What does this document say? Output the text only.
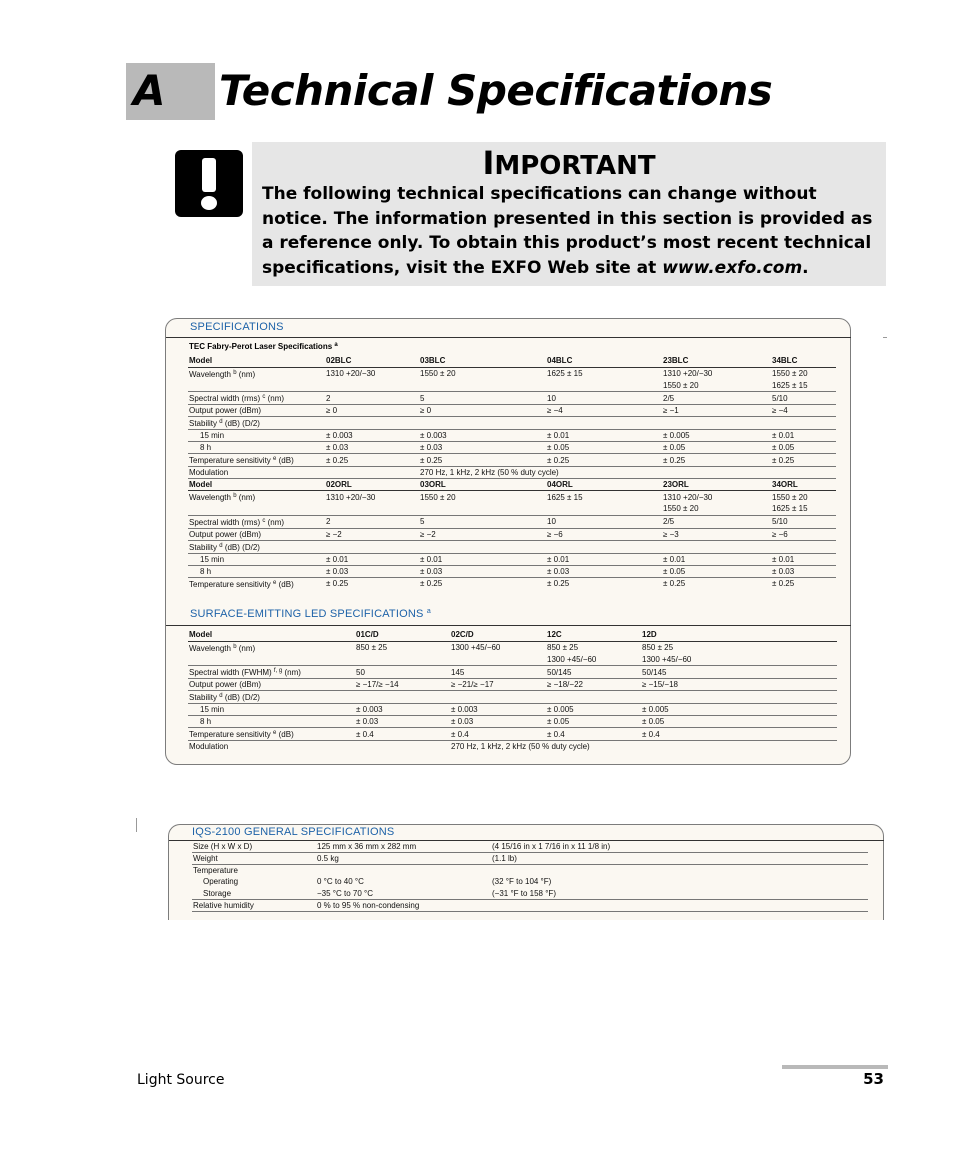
A Technical Specifications
IMPORTANT
The following technical specifications can change without notice. The information presented in this section is provided as a reference only. To obtain this product’s most recent technical specifications, visit the EXFO Web site at www.exfo.com.
SPECIFICATIONS
TEC Fabry-Perot Laser Specifications $^a$
Model	02BLC	03BLC	04BLC	23BLC	34BLC
Wavelength $^b$ (nm)	1310 +20/−30	1550 ± 20	1625 ± 15	1310 +20/−30	1550 ± 20
				1550 ± 20	1625 ± 15
Spectral width (rms) $^c$ (nm)	2	5	10	2/5	5/10
Output power (dBm)	≥ 0	≥ 0	≥ −4	≥ −1	≥ −4
Stability $^d$ (dB) (D/2)					
15 min	± 0.003	± 0.003	± 0.01	± 0.005	± 0.01
8 h	± 0.03	± 0.03	± 0.05	± 0.05	± 0.05
Temperature sensitivity $^e$ (dB)	± 0.25	± 0.25	± 0.25	± 0.25	± 0.25
Modulation		270 Hz, 1 kHz, 2 kHz (50 % duty cycle)			
Model	02ORL	03ORL	04ORL	23ORL	34ORL
Wavelength $^b$ (nm)	1310 +20/−30	1550 ± 20	1625 ± 15	1310 +20/−30	1550 ± 20
				1550 ± 20	1625 ± 15
Spectral width (rms) $^c$ (nm)	2	5	10	2/5	5/10
Output power (dBm)	≥ −2	≥ −2	≥ −6	≥ −3	≥ −6
Stability $^d$ (dB) (D/2)					
15 min	± 0.01	± 0.01	± 0.01	± 0.01	± 0.01
8 h	± 0.03	± 0.03	± 0.03	± 0.05	± 0.03
Temperature sensitivity $^e$ (dB)	± 0.25	± 0.25	± 0.25	± 0.25	± 0.25
SURFACE-EMITTING LED SPECIFICATIONS $^a$
Model	01C/D	02C/D	12C	12D
Wavelength $^b$ (nm)	850 ± 25	1300 +45/−60	850 ± 25	850 ± 25
			1300 +45/−60	1300 +45/−60
Spectral width (FWHM) $^{f, g}$ (nm)	50	145	50/145	50/145
Output power (dBm)	≥ −17/≥ −14	≥ −21/≥ −17	≥ −18/−22	≥ −15/−18
Stability $^d$ (dB) (D/2)				
15 min	± 0.003	± 0.003	± 0.005	± 0.005
8 h	± 0.03	± 0.03	± 0.05	± 0.05
Temperature sensitivity $^e$ (dB)	± 0.4	± 0.4	± 0.4	± 0.4
Modulation		270 Hz, 1 kHz, 2 kHz (50 % duty cycle)		
IQS-2100 GENERAL SPECIFICATIONS
Size (H x W x D)	125 mm x 36 mm x 282 mm	(4 15/16 in x 1 7/16 in x 11 1/8 in)
Weight	0.5 kg	(1.1 lb)
Temperature		
Operating	0 °C to 40 °C	(32 °F to 104 °F)
Storage	−35 °C to 70 °C	(−31 °F to 158 °F)
Relative humidity	0 % to 95 % non-condensing	
Light Source	53
